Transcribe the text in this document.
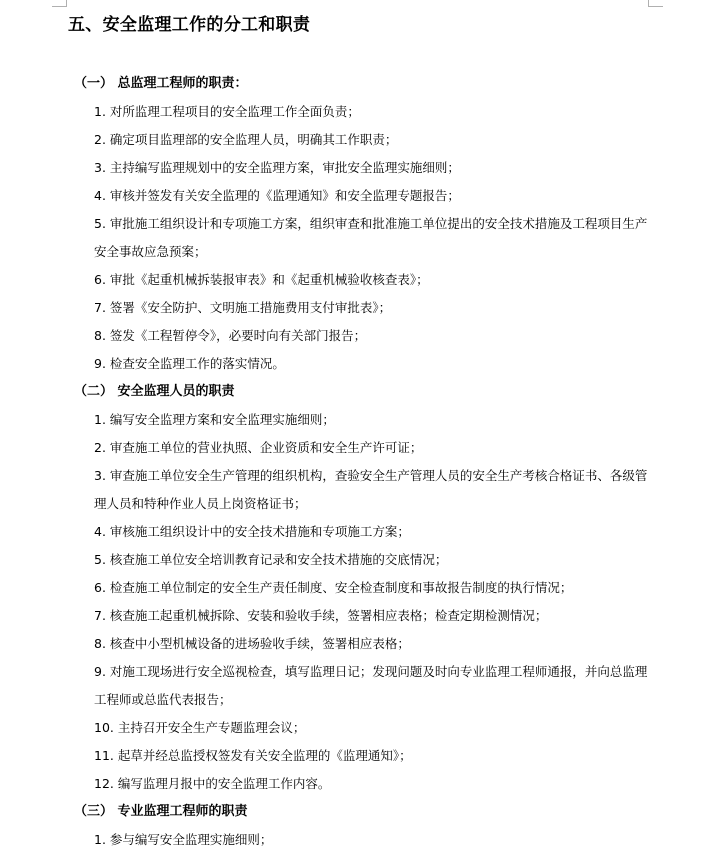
五、安全监理工作的分工和职责
（一） 总监理工程师的职责：
1. 对所监理工程项目的安全监理工作全面负责；
2. 确定项目监理部的安全监理人员，明确其工作职责；
3. 主持编写监理规划中的安全监理方案，审批安全监理实施细则；
4. 审核并签发有关安全监理的《监理通知》和安全监理专题报告；
5. 审批施工组织设计和专项施工方案，组织审查和批准施工单位提出的安全技术措施及工程项目生产安全事故应急预案；
6. 审批《起重机械拆装报审表》和《起重机械验收核查表》；
7. 签署《安全防护、文明施工措施费用支付审批表》；
8. 签发《工程暂停令》，必要时向有关部门报告；
9. 检查安全监理工作的落实情况。
（二） 安全监理人员的职责
1. 编写安全监理方案和安全监理实施细则；
2. 审查施工单位的营业执照、企业资质和安全生产许可证；
3. 审查施工单位安全生产管理的组织机构，查验安全生产管理人员的安全生产考核合格证书、各级管理人员和特种作业人员上岗资格证书；
4. 审核施工组织设计中的安全技术措施和专项施工方案；
5. 核查施工单位安全培训教育记录和安全技术措施的交底情况；
6. 检查施工单位制定的安全生产责任制度、安全检查制度和事故报告制度的执行情况；
7. 核查施工起重机械拆除、安装和验收手续，签署相应表格；检查定期检测情况；
8. 核查中小型机械设备的进场验收手续，签署相应表格；
9. 对施工现场进行安全巡视检查，填写监理日记；发现问题及时向专业监理工程师通报，并向总监理工程师或总监代表报告；
10. 主持召开安全生产专题监理会议；
11. 起草并经总监授权签发有关安全监理的《监理通知》；
12. 编写监理月报中的安全监理工作内容。
（三） 专业监理工程师的职责
1. 参与编写安全监理实施细则；
